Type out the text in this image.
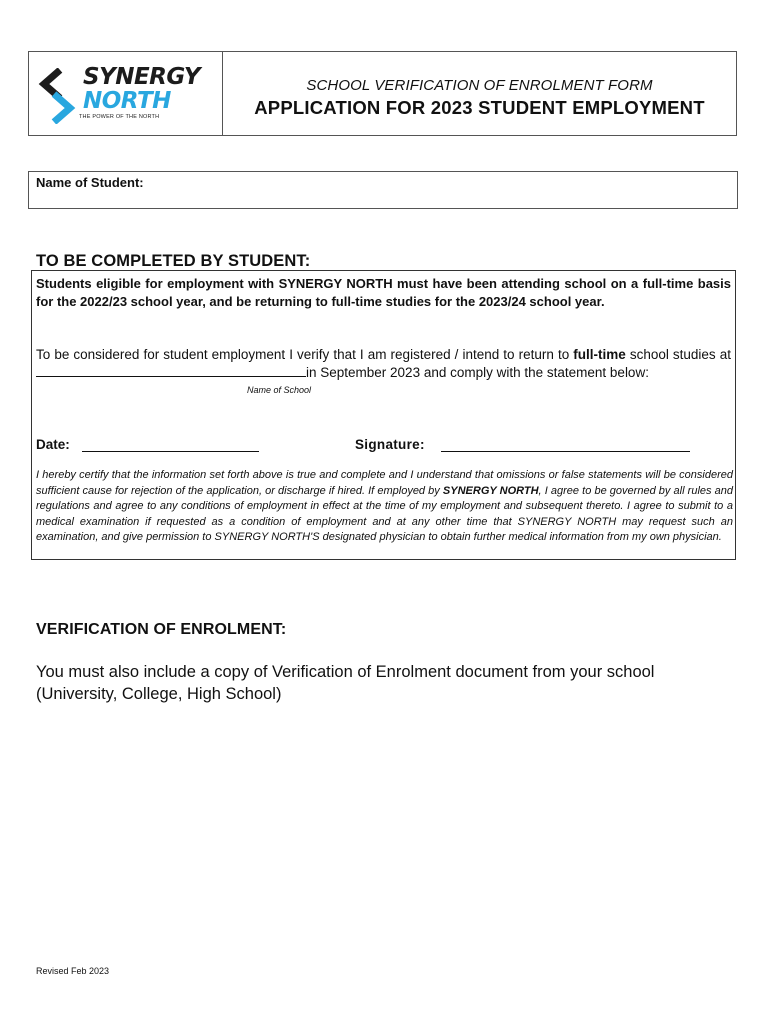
SYNERGY
NORTH
THE POWER OF THE NORTH
SCHOOL VERIFICATION OF ENROLMENT FORM
APPLICATION FOR 2023 STUDENT EMPLOYMENT
Name of Student:
TO BE COMPLETED BY STUDENT:
Students eligible for employment with SYNERGY NORTH must have been attending school on a full-time basis for the 2022/23 school year, and be returning to full-time studies for the 2023/24 school year.
To be considered for student employment I verify that I am registered / intend to return to full-time school studies at in September 2023 and comply with the statement below:
Name of School
Date:	Signature:
I hereby certify that the information set forth above is true and complete and I understand that omissions or false statements will be considered sufficient cause for rejection of the application, or discharge if hired. If employed by SYNERGY NORTH, I agree to be governed by all rules and regulations and agree to any conditions of employment in effect at the time of my employment and subsequent thereto. I agree to submit to a medical examination if requested as a condition of employment and at any other time that SYNERGY NORTH may request such an examination, and give permission to SYNERGY NORTH'S designated physician to obtain further medical information from my own physician.
VERIFICATION OF ENROLMENT:
You must also include a copy of Verification of Enrolment document from your school (University, College, High School)
Revised Feb 2023
